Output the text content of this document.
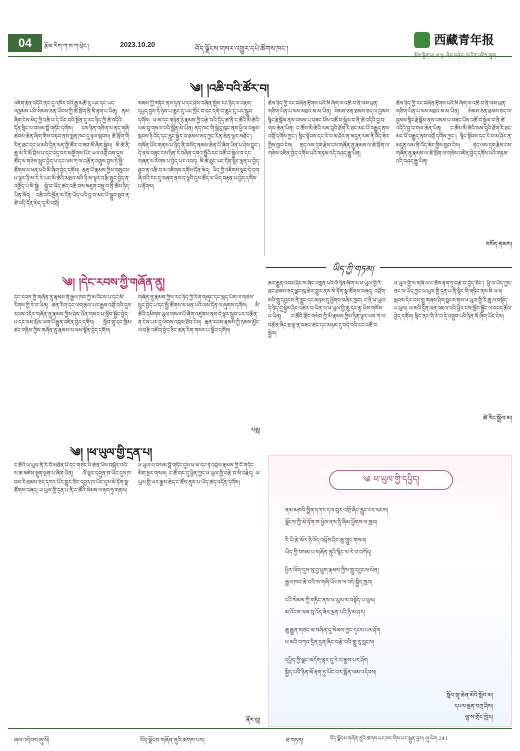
04	རྩོམ་རིག་ཀ་ཁ་ཀ་ཕྲེང་།	2023.10.20	བོད་ལྗོངས་གསར་འགྱུར་དཔེ་ཚོགས་ཁང་།
西藏青年报
༄། །འཆི་བའི་ཚོར་བ།
འཇིག་རྟེན་འདིའི་ནང་དུ་འཁོར་བའི་རྒྱ་མཚོ་རུ་ཡང་དང་ཡང་འཁྱམས་པའི་སེམས་ཅན་ཡོངས་ཀྱི་ཚེ་སྲོག་ནི་མི་རྟག་པ་ཡིན། ནམ་ཞིག་ངེས་མེད་ཀྱི་འཆི་བ་དེ་ཡོང་བའི་སྔོན་དུ་རང་ཉིད་ཀྱི་ཚེ་འདིའི་དོན་སྙིང་ལ་བསམ་བློ་གཏོང་དགོས། ངས་ཉིན་གཅིག་ལ་ནད་གཞི་ཚབས་ཆེན་ཞིག་གིས་བཏབ་ནས་སྨན་ཁང་དུ་ཉལ་སྐབས། ཚེ་སྲོག་གི་རིན་ཐང་དང་ཕ་མའི་དྲིན་ལན་གྱི་ཚོར་བ་ཟབ་མོ་ཞིག་སྐྱེས། མི་ཚེ་ནི་ཆུ་ལ་རི་མོ་བྲིས་པ་དང་འདྲ་བར་མགྱོགས་པོར་ཡལ་འགྲོ་བས་དུས་ཚོད་ལ་གཅེས་སྲུང་བྱེད་པ་དང་ལས་ཀ་ལ་བརྩོན་འགྲུས་བྱས་ཏེ་སྤྱི་ཚོགས་ལ་ཕན་པའི་མི་ཞིག་བྱེད་དགོས། རྒན་པོ་རྣམས་ཀྱིས་གསུངས་པ་ལྟར་ཉི་མ་རེ་རེ་ཡང་མི་ཚེའི་མཐའ་མའི་ཉི་མ་ལྟར་བརྩི་སྲུང་བྱེད་ན་འགྱོད་པ་མི་སྐྱེ། སྐྱེ་བ་ཡོད་ཚད་འཆི་བས་མཇུག་བསྡུ་བ་ནི་ཆོས་ཉིད་ཡིན་མོད། འཆི་བའི་སྔོན་ལ་དོན་ཡོད་པའི་བྱ་བ་མང་པོ་སྒྲུབ་ཐུབ་ན་ཚེ་འདི་དོན་མེད་དུ་མི་འགྲོ།
སེམས་ཀྱི་གཏིང་ནས་དྲན་པ་དང་ཤེས་བཞིན་གྱིས་རང་ཉིད་ལ་བརྟག་དཔྱད་བྱས་ཏེ་ཉེས་པ་ཆུང་ངུ་ཡང་སྤོང་བ་དང་དགེ་བ་ཆུང་ངུ་ཡང་སྒྲུབ་དགོས། ཕ་མ་དང་གཉེན་ཉེ་རྣམས་ཀྱི་བརྩེ་བའི་དྲོད་ཚ་ནི་ང་ཚོའི་མི་ཚེའི་ལམ་བུ་གསལ་བའི་སྒྲོན་མེ་ཡིན། ནད་ཁང་གི་སྒེའུ་ཁུང་ནས་ཕྱི་ལ་བལྟས་སྐབས་ཉི་འོད་དང་རླུང་སྐྱེར་བ་ཐམས་ཅད་ཀྱང་རིན་ཆེན་ལྟར་མཐོང་། གསོན་པོར་གནས་པ་ཉིད་ནི་བསོད་ནམས་ཆེན་པོ་ཞིག་ཡིན་པ་ཤེས་བྱུང་། དེ་ནས་བཟུང་ངས་ཉིན་རེ་བཞིན་དགའ་སྤྲོའི་ངང་འཚོ་བ་སྐྱེལ་བ་དང་གཞན་ལ་རོགས་པ་བྱེད་པར་འབད། མི་ཚེ་ཐུང་ཡང་དོན་སྙིང་ལྡན་པ་བྱེད་ཐུབ་ན་འཆི་བ་ལ་འཇིགས་དགོས་དོན་མེད། ཡིད་ཀྱི་འཇིགས་སྣང་དེ་དག་ཞི་བའི་ངང་དུ་བཞག་ནས་ད་ལྟའི་དུས་ཚོད་ལ་ཡིད་བརྟན་པ་བྱེད་དགོས་པ་རྟོགས།
ཆོས་ཉིད་ཀྱི་རང་བཞིན་རྟོགས་པའི་མི་ཞིག་ལ་འཆི་བ་ནི་ལམ་ཕྲན་གཅིག་ཡིན་པ་ལས་མཐའ་མ་མ་ཡིན། སེམས་ཅན་ཐམས་ཅད་ལ་བྱམས་སྙིང་རྗེ་སྒོམ་ནས་བསམ་པ་བཟང་པོས་འཚོ་བ་སྐྱེལ་བ་ནི་ཚེ་འདིའི་བྱ་བ་གལ་ཆེན་ཡིན། ང་ཚོས་མི་ཚེའི་ལམ་བུའི་ཐོག་རི་ཐང་མང་པོ་བརྒྱུད་ནས་འགྲོ་དགོས་ཀྱང་། སྙིང་སྟོབས་དང་རེ་བ་མ་ཤོར་ན་མདུན་ལམ་ནི་འོད་ཟེར་གྱིས་ཁྱབ་ངེས། ནད་ལས་དྲག་རྗེས་ངས་གཞོན་ནུ་རྣམས་ལ་ཚེ་སྲོག་ལ་གཅེས་འཛིན་བྱེད་དགོས་པའི་གཏམ་འདི་བཤད་རྒྱུ་ཡིན།
ཆོས་ཉིད་ཀྱི་རང་བཞིན་རྟོགས་པའི་མི་ཞིག་ལ་འཆི་བ་ནི་ལམ་ཕྲན་གཅིག་ཡིན་པ་ལས་མཐའ་མ་མ་ཡིན། སེམས་ཅན་ཐམས་ཅད་ལ་བྱམས་སྙིང་རྗེ་སྒོམ་ནས་བསམ་པ་བཟང་པོས་འཚོ་བ་སྐྱེལ་བ་ནི་ཚེ་འདིའི་བྱ་བ་གལ་ཆེན་ཡིན། ང་ཚོས་མི་ཚེའི་ལམ་བུའི་ཐོག་རི་ཐང་མང་པོ་བརྒྱུད་ནས་འགྲོ་དགོས་ཀྱང་། སྙིང་སྟོབས་དང་རེ་བ་མ་ཤོར་ན་མདུན་ལམ་ནི་འོད་ཟེར་གྱིས་ཁྱབ་ངེས། ནད་ལས་དྲག་རྗེས་ངས་གཞོན་ནུ་རྣམས་ལ་ཚེ་སྲོག་ལ་གཅེས་འཛིན་བྱེད་དགོས་པའི་གཏམ་འདི་བཤད་རྒྱུ་ཡིན།
བསོད་ནམས།
ཡིད་ཀྱི་གཏམ།
ཆར་རྒྱུན་བབས་ཤིང་ས་ཞིང་བརླན་པའི་ལོ་ཉིན་ཞིག་ལ་ཕ་ཡུལ་གྱི་རི་ཐང་ཐམས་ཅད་ལྗང་ཁུ་ཆེར་གྱུར་ནས་མེ་ཏོག་སྣ་ཚོགས་བཞད། འབྲོག་མའི་གླུ་དབྱངས་ནི་རླུང་དང་མཉམ་དུ་ཕྱོགས་བཞིར་ཁྱབ། ང་ནི་ཕ་ཡུལ་དེ་ཉིད་དུ་སྐྱེས་ཤིང་འཚར་བ་ཡིན་ལ་ཕ་ཡུལ་གྱི་ཆུ་དང་རྩྭ་ཡིས་གསོས་པ་ཡིན། ང་ཚོའི་གྲོང་གསེབ་ཀྱི་མི་རྣམས་ཀྱིས་ཉིན་ལྟར་ལས་ཀ་ལ་བརྩོན་ཞིང་ཐ་ལྟ་ན་བཟའ་ཚང་དང་མཉམ་དུ་བདེ་བའི་ངང་འཚོ་བ་སྐྱེལ།
ཕ་ཡུལ་གྱི་ས་གཞི་ལ་ང་ཚོས་རྟག་ཏུ་བརྩེ་བ་བྱེད་ཅིང་། ཕྱི་ལ་ཡོད་ཀྱང་ནང་ལ་ཡོད་ཀྱང་ཕ་ཡུལ་གྱི་དྲན་པ་ནི་སྙིང་གི་གཏིང་ནས་མི་ཡལ། སྐབས་དེར་ངས་གླུ་གཞས་ཤིག་བླངས་ནས་ཕ་ཡུལ་གྱི་རི་ཆུ་ལ་བསྟོད་པ་ཕུལ། ཕ་མའི་དྲིན་ལན་འཇལ་བའི་ཕྱིར་ངས་སློབ་སྦྱོང་ལ་འབད་རྩོལ་བྱེད་དགོས། སྙིང་ནང་གི་རེ་བ་དེ་འགྲུབ་པའི་ཉིན་མོ་ཞིག་ཡོང་ངེས།
ཚེ་རིང་སྒྲོལ་མ།
༄། །དེང་རབས་ཀྱི་གཞོན་ནུ།
དེང་རབས་ཀྱི་གཞོན་ནུ་རྣམས་ནི་རྒྱལ་ཁབ་ཀྱི་མ་འོངས་པ་དང་མི་རིགས་ཀྱི་རེ་བ་ཡིན། ཚན་རིག་དང་ལག་རྩལ་ཡར་རྒྱས་འགྲོ་བའི་དུས་རབས་འདིར་གཞོན་ནུ་རྣམས་ཀྱིས་ཤེས་ཡོན་གསར་པ་སློབ་སྦྱོང་བྱེད་པ་དང་ལམ་སྲོལ་ཡག་པོ་རྒྱུན་འཛིན་བྱེད་དགོས། སློབ་གྲྭ་དང་ཁྱིམ་ཚང་གཉིས་ཀྱིས་གཞོན་ནུ་རྣམས་ལ་ལམ་སྟོན་བྱེད་དགོས།
གཞོན་ནུ་རྣམས་ཀྱིས་རང་ཉིད་ཀྱི་རིག་གཞུང་དང་སྐད་ཡིག་ལ་གཅེས་སྲུང་བྱེད་པ་དང་སྤྱི་ཚོགས་ལ་ཕན་པའི་ལས་དོན་ལ་ཞུགས་དགོས། མི་ཚེའི་དམིགས་ཡུལ་གསལ་པོ་ཞིག་འཛུགས་ནས་དེ་ལྟར་སྒྲུབ་པར་བརྩོན་ན་ངེས་པར་དུ་ལེགས་འབྲས་ཐོབ་ངེས། རྒན་རབས་རྣམས་ཀྱི་ཉམས་མྱོང་ལ་བརྩི་འཇོག་བྱེད་ཅིང་ཚན་རིག་གསར་པ་སློབ་དགོས།
པདྨ།
༄། །ཕ་ཡུལ་གྱི་དྲན་པ།
ང་ཚོའི་ཕ་ཡུལ་ནི་རི་བོ་མཐོན་པོ་དང་གཙང་པོ་ཆེན་པོས་བསྐོར་བའི་ས་ཆ་མཛེས་སྡུག་ལྡན་པ་ཞིག་ཡིན། ལོ་ལྟར་དགུན་ཁ་ཡོང་དུས་ཁ་བས་རི་ཐམས་ཅད་དཀར་པོར་གྱུར་ཅིང་དབྱར་ཁ་ཡོང་དུས་མེ་ཏོག་སྣ་ཚོགས་བཞད། ཕ་ཡུལ་གྱི་དྲན་པ་ནི་ང་ཚོའི་སེམས་ལ་རྟག་ཏུ་གནས།
ཕ་ཡུལ་ལ་བསམ་བློ་གཏོང་དུས་ཕ་མ་དང་ཉེ་འབྲེལ་རྣམས་ཀྱི་ངོ་གདོང་མིག་སྔར་གསལ། ང་ཚོ་གང་དུ་ཕྱིན་ཀྱང་ཕ་ཡུལ་གྱི་བརྩེ་བ་མི་བརྗེད། ཕ་ཡུལ་གྱི་ཡར་རྒྱས་ཆེད་ང་ཚོས་ནུས་པ་ཡོད་ཚད་འདོན་དགོས།
ནོར་བུ།
༄ ཕ་ཡུལ་གྱི་དཔྱིད།
ནམ་མཁའི་སྤྲིན་དཀར་དལ་བུར་འགྲོ་ཞིང་རླུང་ངར་ལངས།
ལྗོངས་ཀྱི་མེ་ཏོག་ཁ་ཕྱེས་ནས་དྲི་ཞིམ་ཕྱོགས་ལ་ཁྱབ།
རི་ཡི་རྩེ་མོར་ཉི་འོད་འཕྲོས་ཤིང་ཆུ་ཀླུང་གསལ།
ཡིད་ཀྱི་བསམ་པ་གཞོན་ནུའི་སྙིང་ལ་རེ་བ་བཀོད།
ཕྱིར་ལོག་དུས་སུ་བྱ་ཕྲུག་རྣམས་ཀྱིས་གླུ་དབྱངས་ལེན།
རྒྱལ་ཁབ་ཆེ་བའི་ས་གཞི་ཡོངས་ལ་བདེ་སྐྱིད་ཁྱབ།
ངའི་སེམས་ཀྱི་གཏིང་ནས་ཕ་ཡུལ་ལ་བསྟོད་པ་ཕུལ།
མ་འོངས་ལམ་བུ་འོད་ཟེར་ལྡན་པའི་ཉི་མ་ཤར།
ཆུ་རྒྱུན་གཙང་མ་བཞིན་དུ་སེམས་ཀྱང་དྭངས་པར་ཤོག
ཕ་མའི་བཀའ་དྲིན་དྲན་ཞིང་བརྩེ་བའི་གླུ་རུ་བླངས།
དཔྱིད་ཀྱི་ལྗང་མདོག་ལྟར་དུ་རེ་བ་རྒྱས་པར་ཤོག
སྐྱིད་པའི་ཉིན་མོ་རྟག་ཏུ་ཡོང་བར་སྨོན་ལམ་འདེབས།
སློབ་གྲྭ་ཆེན་མོའི་སློབ་མ།
དཔལ་ལྡན་བཀྲ་ཤིས།
ལྷ་ས་གྲོང་ཁྱེར།
ཞལ་འདེབས་ཞུ་སོ།	བོད་ལྗོངས་གཞོན་ནུའི་ཚགས་པར།	ཐ་གཏན།	བོད་ལྗོངས་གཞོན་ནུའི་ཚགས་པར་ཁང་གིས་པར་སྐྲུན་བྱས། ཞུ་ཡིག 241
